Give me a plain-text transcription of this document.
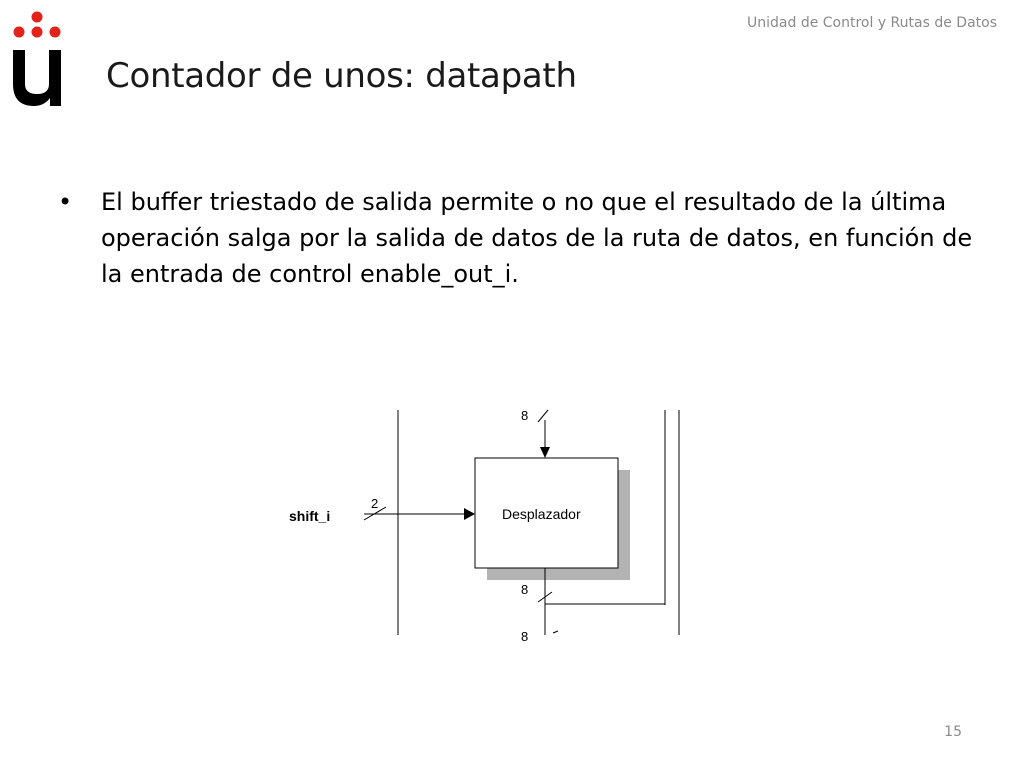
Unidad de Control y Rutas de Datos
Contador de unos: datapath
• El buffer triestado de salida permite o no que el resultado de la última operación salga por la salida de datos de la ruta de datos, en función de la entrada de control enable_out_i.
8
Desplazador
shift_i
2
8
8
15
